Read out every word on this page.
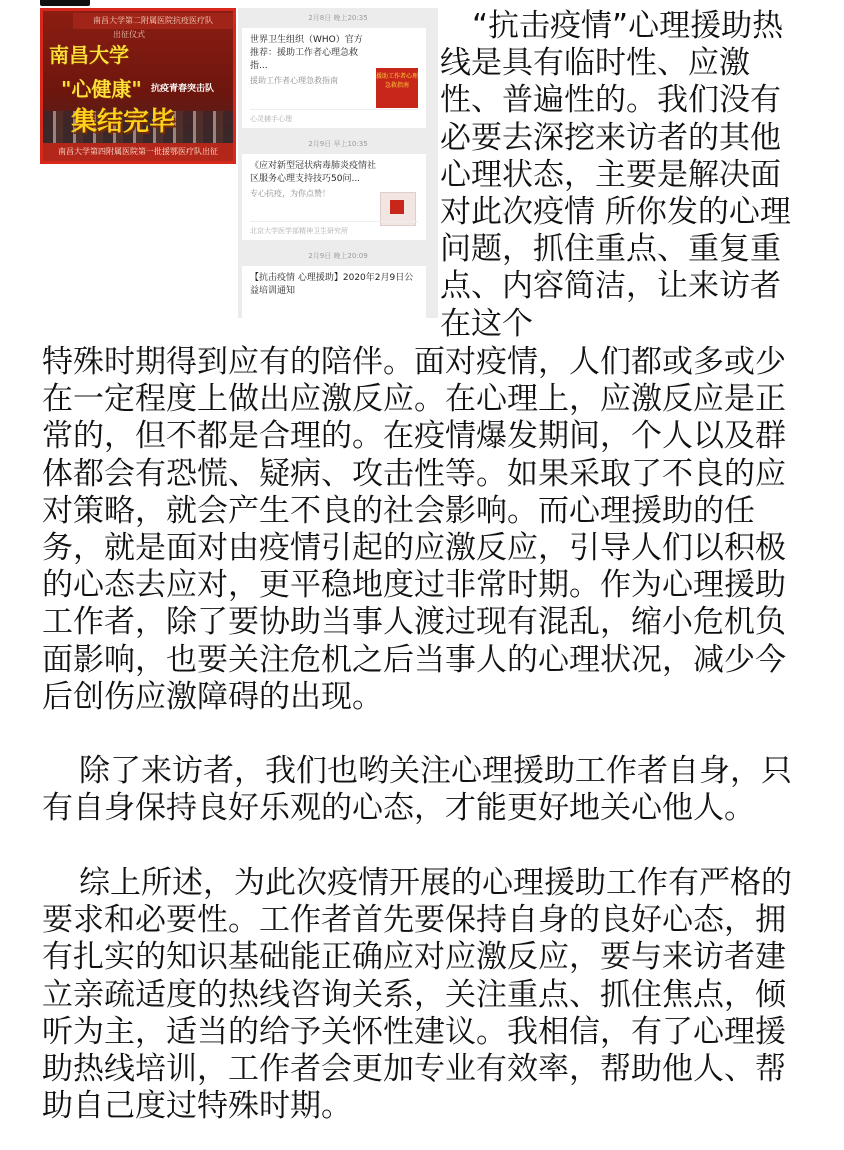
南昌大学第二附属医院抗疫医疗队
出征仪式
南昌大学
"心健康" 抗疫青春突击队
集结完毕
南昌大学第四附属医院第一批援鄂医疗队出征
2月8日 晚上20:35
世界卫生组织（WHO）官方推荐：援助工作者心理急救指...
援助工作者心理急救指南	援助工作者心理急救指南
心灵捕手心理
2月9日 早上10:35
《应对新型冠状病毒肺炎疫情社区服务心理支持技巧50问...
专心抗疫，为你点赞！
北京大学医学部精神卫生研究所
2月9日 晚上20:09
【抗击疫情 心理援助】2020年2月9日公益培训通知

“抗击疫情”心理援助热线是具有临时性、应激性、普遍性的。我们没有必要去深挖来访者的其他心理状态，主要是解决面对此次疫情 所你发的心理问题，抓住重点、重复重点、内容简洁，让来访者在这个

特殊时期得到应有的陪伴。面对疫情，人们都或多或少在一定程度上做出应激反应。在心理上，应激反应是正常的，但不都是合理的。在疫情爆发期间，个人以及群体都会有恐慌、疑病、攻击性等。如果采取了不良的应对策略，就会产生不良的社会影响。而心理援助的任务，就是面对由疫情引起的应激反应，引导人们以积极的心态去应对，更平稳地度过非常时期。作为心理援助工作者，除了要协助当事人渡过现有混乱，缩小危机负面影响，也要关注危机之后当事人的心理状况，减少今后创伤应激障碍的出现。

除了来访者，我们也哟关注心理援助工作者自身，只有自身保持良好乐观的心态，才能更好地关心他人。

综上所述，为此次疫情开展的心理援助工作有严格的要求和必要性。工作者首先要保持自身的良好心态，拥有扎实的知识基础能正确应对应激反应，要与来访者建立亲疏适度的热线咨询关系，关注重点、抓住焦点，倾听为主，适当的给予关怀性建议。我相信，有了心理援助热线培训，工作者会更加专业有效率，帮助他人、帮助自己度过特殊时期。
